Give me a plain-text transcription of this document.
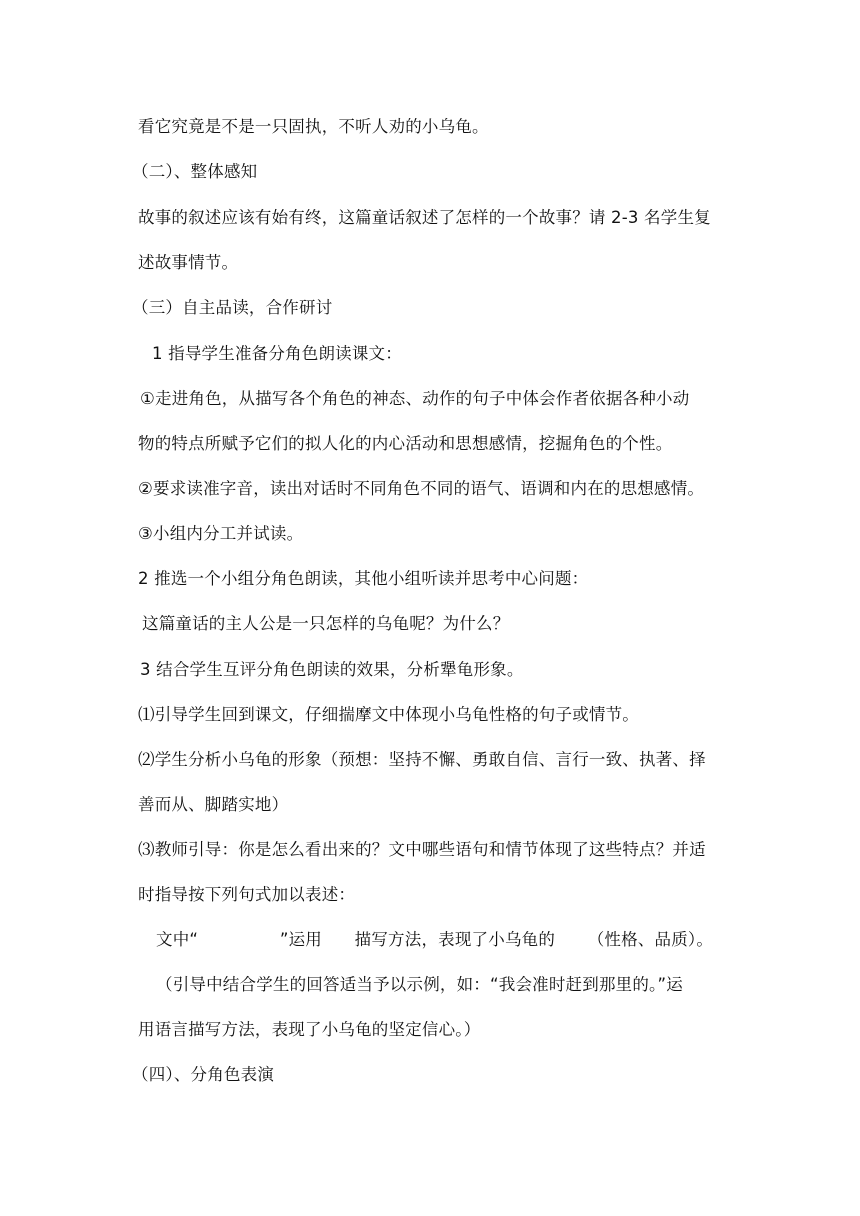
看它究竟是不是一只固执，不听人劝的小乌龟。
（二）、整体感知
故事的叙述应该有始有终，这篇童话叙述了怎样的一个故事？请 2-3 名学生复
述故事情节。
（三）自主品读，合作研讨
1 指导学生准备分角色朗读课文：
①走进角色，从描写各个角色的神态、动作的句子中体会作者依据各种小动
物的特点所赋予它们的拟人化的内心活动和思想感情，挖掘角色的个性。
②要求读准字音，读出对话时不同角色不同的语气、语调和内在的思想感情。
③小组内分工并试读。
2 推选一个小组分角色朗读，其他小组听读并思考中心问题：
这篇童话的主人公是一只怎样的乌龟呢？为什么？
3 结合学生互评分角色朗读的效果，分析犟龟形象。
⑴引导学生回到课文，仔细揣摩文中体现小乌龟性格的句子或情节。
⑵学生分析小乌龟的形象（预想：坚持不懈、勇敢自信、言行一致、执著、择
善而从、脚踏实地）
⑶教师引导：你是怎么看出来的？文中哪些语句和情节体现了这些特点？并适
时指导按下列句式加以表述：
文中“               ”运用      描写方法，表现了小乌龟的      （性格、品质）。
（引导中结合学生的回答适当予以示例，如：“我会准时赶到那里的。”运
用语言描写方法，表现了小乌龟的坚定信心。）
（四）、分角色表演
